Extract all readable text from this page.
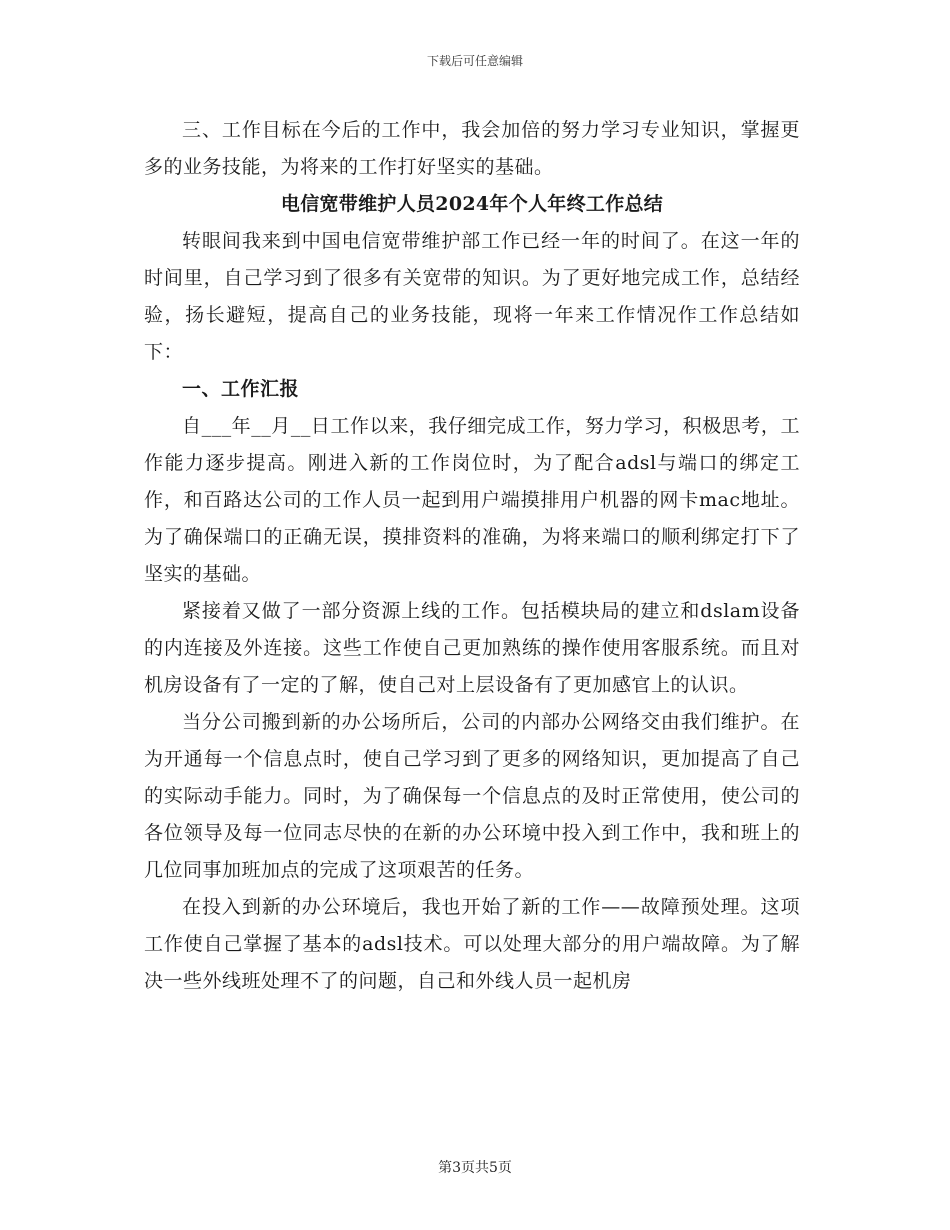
下载后可任意编辑

三、工作目标在今后的工作中，我会加倍的努力学习专业知识，掌握更多的业务技能，为将来的工作打好坚实的基础。

电信宽带维护人员2024年个人年终工作总结

转眼间我来到中国电信宽带维护部工作已经一年的时间了。在这一年的时间里，自己学习到了很多有关宽带的知识。为了更好地完成工作，总结经验，扬长避短，提高自己的业务技能，现将一年来工作情况作工作总结如下：

一、工作汇报

自___年__月__日工作以来，我仔细完成工作，努力学习，积极思考，工作能力逐步提高。刚进入新的工作岗位时，为了配合adsl与端口的绑定工作，和百路达公司的工作人员一起到用户端摸排用户机器的网卡mac地址。为了确保端口的正确无误，摸排资料的准确，为将来端口的顺利绑定打下了坚实的基础。

紧接着又做了一部分资源上线的工作。包括模块局的建立和dslam设备的内连接及外连接。这些工作使自己更加熟练的操作使用客服系统。而且对机房设备有了一定的了解，使自己对上层设备有了更加感官上的认识。

当分公司搬到新的办公场所后，公司的内部办公网络交由我们维护。在为开通每一个信息点时，使自己学习到了更多的网络知识，更加提高了自己的实际动手能力。同时，为了确保每一个信息点的及时正常使用，使公司的各位领导及每一位同志尽快的在新的办公环境中投入到工作中，我和班上的几位同事加班加点的完成了这项艰苦的任务。

在投入到新的办公环境后，我也开始了新的工作——故障预处理。这项工作使自己掌握了基本的adsl技术。可以处理大部分的用户端故障。为了解决一些外线班处理不了的问题，自己和外线人员一起机房

第3页共5页
